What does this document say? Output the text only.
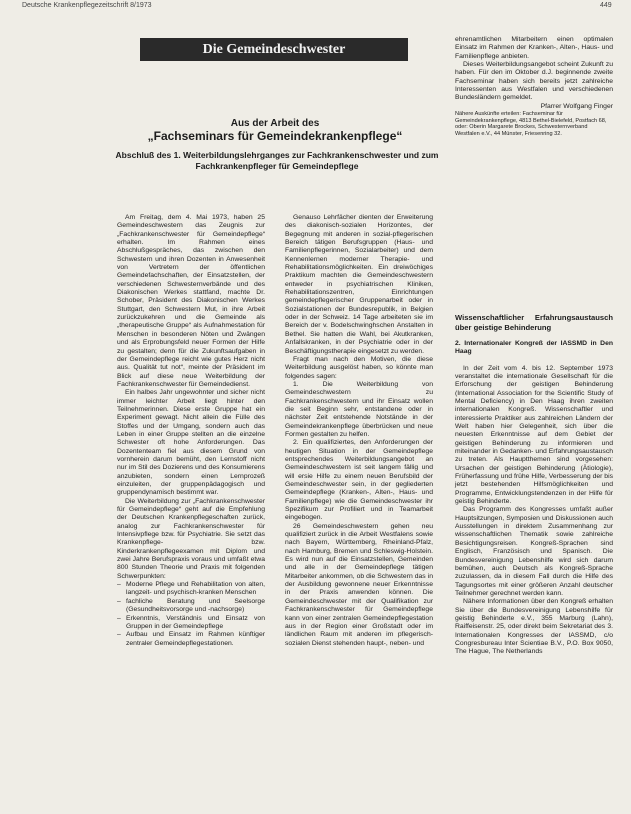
Deutsche Krankenpflegezeitschrift 8/1973	449
Die Gemeindeschwester
Aus der Arbeit des
„Fachseminars für Gemeindekrankenpflege“
Abschluß des 1. Weiterbildungslehrganges zur Fachkrankenschwester und zum Fachkrankenpfleger für Gemeindepflege

Am Freitag, dem 4. Mai 1973, haben 25 Gemeindeschwestern das Zeugnis zur „Fachkrankenschwester für Gemeindepflege“ erhalten. Im Rahmen eines Abschlußgespräches, das zwischen den Schwestern und ihren Dozenten in Anwesenheit von Vertretern der öffentlichen Gemeindefachschaften, der Einsatzstellen, der verschiedenen Schwesternverbände und des Diakonischen Werkes stattfand, machte Dr. Schober, Präsident des Diakonischen Werkes Stuttgart, den Schwestern Mut, in ihre Arbeit zurückzukehren und die Gemeinde als „therapeutische Gruppe“ als Aufnahmestation für Menschen in besonderen Nöten und Zwängen und als Erprobungsfeld neuer Formen der Hilfe zu gestalten; denn für die Zukunftsaufgaben in der Gemeindepflege reicht wie gutes Herz nicht aus. Qualität tut not“, meinte der Präsident im Blick auf diese neue Weiterbildung der Fachkrankenschwester für Gemeindedienst.

Ein halbes Jahr ungewohnter und sicher nicht immer leichter Arbeit liegt hinter den Teilnehmerinnen. Diese erste Gruppe hat ein Experiment gewagt. Nicht allein die Fülle des Stoffes und der Umgang, sondern auch das Leben in einer Gruppe stellten an die einzelne Schwester oft hohe Anforderungen. Das Dozententeam fiel aus diesem Grund von vornherein darum bemüht, den Lernstoff nicht nur im Stil des Dozierens und des Konsumierens anzubieten, sondern einen Lernprozeß einzuleiten, der gruppenpädagogisch und gruppendynamisch bestimmt war.

Die Weiterbildung zur „Fachkrankenschwester für Gemeindepflege“ geht auf die Empfehlung der Deutschen Krankenpflegeschaften zurück, analog zur Fachkrankenschwester für Intensivpflege bzw. für Psychiatrie. Sie setzt das Krankenpflege- bzw. Kinderkrankenpflegeexamen mit Diplom und zwei Jahre Berufspraxis voraus und umfaßt etwa 800 Stunden Theorie und Praxis mit folgenden Schwerpunkten:

– Moderne Pflege und Rehabilitation von alten, langzeit- und psychisch-kranken Menschen
– fachliche Beratung und Seelsorge (Gesundheitsvorsorge und -nachsorge)
– Erkenntnis, Verständnis und Einsatz von Gruppen in der Gemeindepflege
– Aufbau und Einsatz im Rahmen künftiger zentraler Gemeindepflegestationen.

Genauso Lehrfächer dienten der Erweiterung des diakonisch-sozialen Horizontes, der Begegnung mit anderen in sozial-pflegerischen Bereich tätigen Berufsgruppen (Haus- und Familienpflegerinnen, Sozialarbeiter) und dem Kennenlernen moderner Therapie- und Rehabilitationsmöglichkeiten. Ein dreiwöchiges Praktikum machten die Gemeindeschwestern entweder in psychiatrischen Kliniken, Rehabilitationszentren, Einrichtungen gemeindepflegerischer Gruppenarbeit oder in Sozialstationen der Bundesrepublik, in Belgien oder in der Schweiz. 14 Tage arbeiteten sie im Bereich der v. Bodelschwinghschen Anstalten in Bethel. Sie hatten die Wahl, bei Akutkranken, Anfallskranken, in der Psychiatrie oder in der Beschäftigungstherapie eingesetzt zu werden.

Fragt man nach den Motiven, die diese Weiterbildung ausgelöst haben, so könnte man folgendes sagen:

1. Die Weiterbildung von Gemeindeschwestern zu Fachkrankenschwestern und ihr Einsatz wollen die seit Beginn sehr, entstandene oder in nächster Zeit entstehende Notstände in der Gemeindekrankenpflege überbrücken und neue Formen gestalten zu helfen.

2. Ein qualifiziertes, den Anforderungen der heutigen Situation in der Gemeindepflege entsprechendes Weiterbildungsangebot an Gemeindeschwestern ist seit langem fällig und will ersie Hilfe zu einem neuen Berufsbild der Gemeindeschwester sein, in der gegliederten Gemeindepflege (Kranken-, Alten-, Haus- und Familienpflege) wie die Gemeindeschwester ihr Spezifikum zur Profiliert und in Teamarbeit eingebogen.

26 Gemeindeschwestern gehen neu qualifiziert zurück in die Arbeit Westfalens sowie nach Bayern, Württemberg, Rheinland-Pfalz, nach Hamburg, Bremen und Schleswig-Holstein. Es wird nun auf die Einsatzstellen, Gemeinden und alle in der Gemeindepflege tätigen Mitarbeiter ankommen, ob die Schwestern das in der Ausbildung gewonnene neuer Erkenntnisse in der Praxis anwenden können. Die Gemeindeschwester mit der Qualifikation zur Fachkrankenschwester für Gemeindepflege kann von einer zentralen Gemeindepflegestation aus in der Region einer Großstadt oder im ländlichen Raum mit anderen im pflegerisch-sozialen Dienst stehenden haupt-, neben- und

ehrenamtlichen Mitarbeitern einen optimalen Einsatz im Rahmen der Kranken-, Alten-, Haus- und Familienpflege anbieten.

Dieses Weiterbildungsangebot scheint Zukunft zu haben. Für den im Oktober d.J. beginnende zweite Fachseminar haben sich bereits jetzt zahlreiche Interessenten aus Westfalen und verschiedenen Bundesländern gemeldet.

Pfarrer Wolfgang Finger

Nähere Auskünfte erteilen: Fachseminar für Gemeindekrankenpflege, 4813 Bethel-Bielefeld, Postfach 68, oder: Oberin Margarete Brockes, Schwesternverband Westfalen e.V., 44 Münster, Friesenring 32.

Wissenschaftlicher Erfahrungsaustausch über geistige Behinderung
2. Internationaler Kongreß der IASSMD in Den Haag

In der Zeit vom 4. bis 12. September 1973 veranstaltet die internationale Gesellschaft für die Erforschung der geistigen Behinderung (International Association for the Scientific Study of Mental Deficiency) in Den Haag ihren zweiten internationalen Kongreß. Wissenschaftler und interessierte Praktiker aus zahlreichen Ländern der Welt haben hier Gelegenheit, sich über die neuesten Erkenntnisse auf dem Gebiet der geistigen Behinderung zu informieren und miteinander in Gedanken- und Erfahrungsaustausch zu treten. Als Hauptthemen sind vorgesehen: Ursachen der geistigen Behinderung (Ätiologie), Früherfassung und frühe Hilfe, Verbesserung der bis jetzt bestehenden Hilfsmöglichkeiten und Programme, Entwicklungstendenzen in der Hilfe für geistig Behinderte.

Das Programm des Kongresses umfaßt außer Hauptsitzungen, Symposien und Diskussionen auch Ausstellungen in direktem Zusammenhang zur wissenschaftlichen Thematik sowie zahlreiche Besichtigungsreisen. Kongreß-Sprachen sind Englisch, Französisch und Spanisch. Die Bundesvereinigung Lebenshilfe wird sich darum bemühen, auch Deutsch als Kongreß-Sprache zuzulassen, da in diesem Fall durch die Hilfe des Tagungsortes mit einer größeren Anzahl deutscher Teilnehmer gerechnet werden kann.

Nähere Informationen über den Kongreß erhalten Sie über die Bundesvereinigung Lebenshilfe für geistig Behinderte e.V., 355 Marburg (Lahn), Raiffeisenstr. 25, oder direkt beim Sekretariat des 3. Internationalen Kongresses der IASSMD, c/o Congresbureau Inter Scientiae B.V., P.O. Box 9050, The Hague, The Netherlands
